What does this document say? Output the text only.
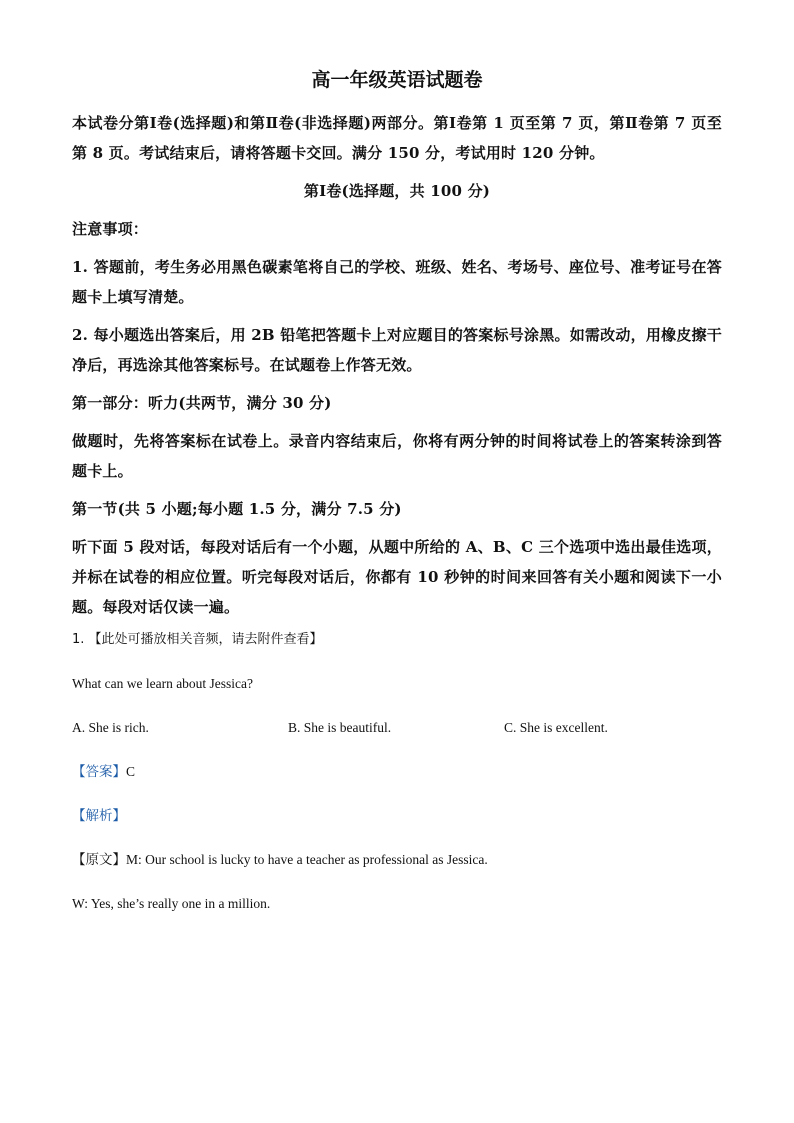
高一年级英语试题卷
本试卷分第Ⅰ卷(选择题)和第Ⅱ卷(非选择题)两部分。第Ⅰ卷第 1 页至第 7 页，第Ⅱ卷第 7 页至第 8 页。考试结束后，请将答题卡交回。满分 150 分，考试用时 120 分钟。
第Ⅰ卷(选择题，共 100 分)
注意事项：
1. 答题前，考生务必用黑色碳素笔将自己的学校、班级、姓名、考场号、座位号、准考证号在答题卡上填写清楚。
2. 每小题选出答案后，用 2B 铅笔把答题卡上对应题目的答案标号涂黑。如需改动，用橡皮擦干净后，再选涂其他答案标号。在试题卷上作答无效。
第一部分：听力(共两节，满分 30 分)
做题时，先将答案标在试卷上。录音内容结束后，你将有两分钟的时间将试卷上的答案转涂到答题卡上。
第一节(共 5 小题;每小题 1.5 分，满分 7.5 分)
听下面 5 段对话，每段对话后有一个小题，从题中所给的 A、B、C 三个选项中选出最佳选项，并标在试卷的相应位置。听完每段对话后，你都有 10 秒钟的时间来回答有关小题和阅读下一小题。每段对话仅读一遍。
1. 【此处可播放相关音频，请去附件查看】
What can we learn about Jessica?
A. She is rich.	B. She is beautiful.	C. She is excellent.
【答案】C
【解析】
【原文】M: Our school is lucky to have a teacher as professional as Jessica.
W: Yes, she’s really one in a million.
